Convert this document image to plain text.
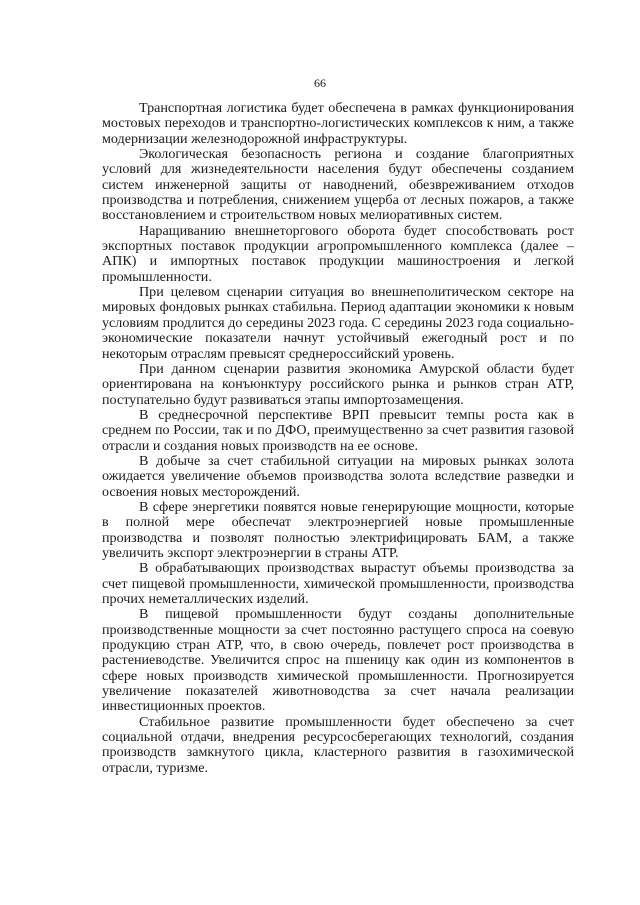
66

Транспортная логистика будет обеспечена в рамках функционирования мостовых переходов и транспортно-логистических комплексов к ним, а также модернизации железнодорожной инфраструктуры.

Экологическая безопасность региона и создание благоприятных условий для жизнедеятельности населения будут обеспечены созданием систем инженерной защиты от наводнений, обезвреживанием отходов производства и потребления, снижением ущерба от лесных пожаров, а также восстановлением и строительством новых мелиоративных систем.

Наращиванию внешнеторгового оборота будет способствовать рост экспортных поставок продукции агропромышленного комплекса (далее – АПК) и импортных поставок продукции машиностроения и легкой промышленности.

При целевом сценарии ситуация во внешнеполитическом секторе на мировых фондовых рынках стабильна. Период адаптации экономики к новым условиям продлится до середины 2023 года. С середины 2023 года социально-экономические показатели начнут устойчивый ежегодный рост и по некоторым отраслям превысят среднероссийский уровень.

При данном сценарии развития экономика Амурской области будет ориентирована на конъюнктуру российского рынка и рынков стран АТР, поступательно будут развиваться этапы импортозамещения.

В среднесрочной перспективе ВРП превысит темпы роста как в среднем по России, так и по ДФО, преимущественно за счет развития газовой отрасли и создания новых производств на ее основе.

В добыче за счет стабильной ситуации на мировых рынках золота ожидается увеличение объемов производства золота вследствие разведки и освоения новых месторождений.

В сфере энергетики появятся новые генерирующие мощности, которые в полной мере обеспечат электроэнергией новые промышленные производства и позволят полностью электрифицировать БАМ, а также увеличить экспорт электроэнергии в страны АТР.

В обрабатывающих производствах вырастут объемы производства за счет пищевой промышленности, химической промышленности, производства прочих неметаллических изделий.

В пищевой промышленности будут созданы дополнительные производственные мощности за счет постоянно растущего спроса на соевую продукцию стран АТР, что, в свою очередь, повлечет рост производства в растениеводстве. Увеличится спрос на пшеницу как один из компонентов в сфере новых производств химической промышленности. Прогнозируется увеличение показателей животноводства за счет начала реализации инвестиционных проектов.

Стабильное развитие промышленности будет обеспечено за счет социальной отдачи, внедрения ресурсосберегающих технологий, создания производств замкнутого цикла, кластерного развития в газохимической отрасли, туризме.
